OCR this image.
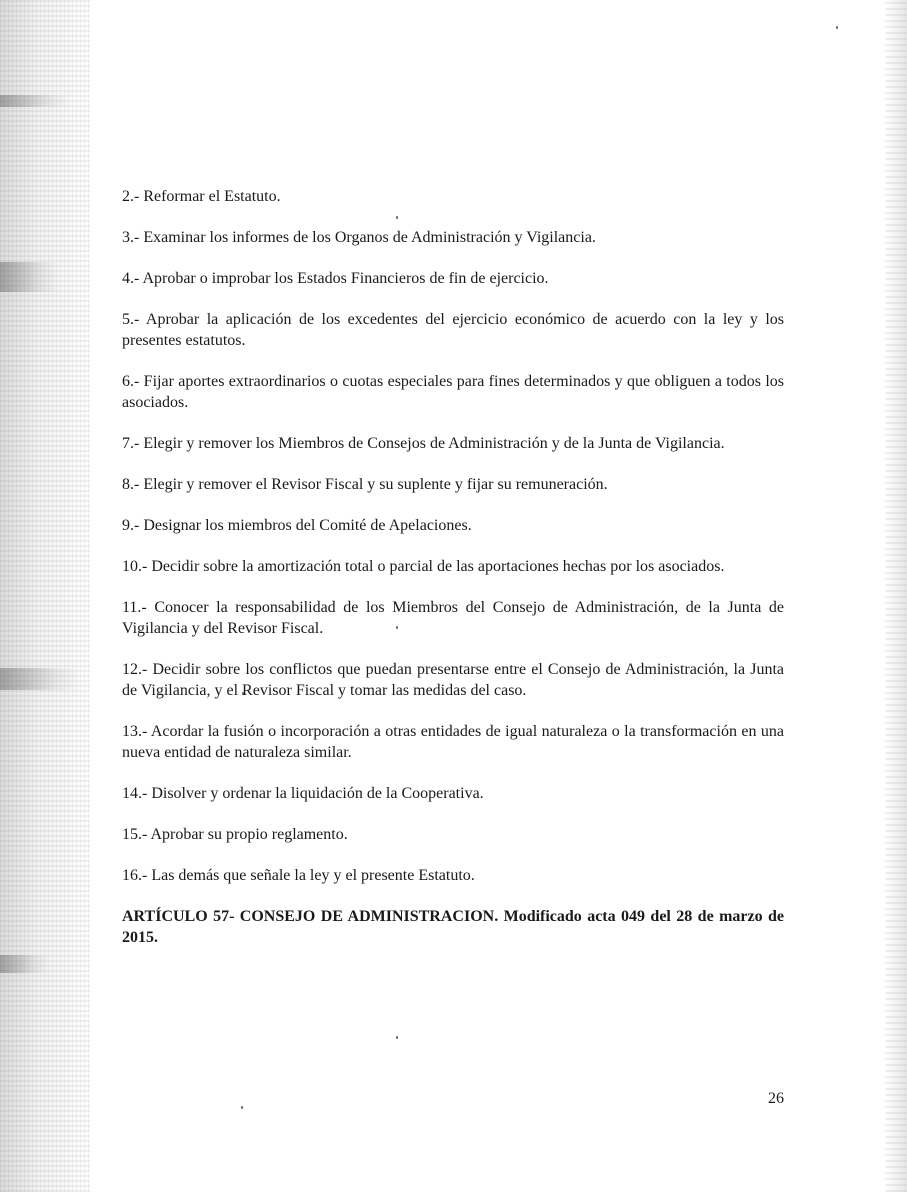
2.- Reformar el Estatuto.

3.- Examinar los informes de los Organos de Administración y Vigilancia.

4.- Aprobar o improbar los Estados Financieros de fin de ejercicio.

5.- Aprobar la aplicación de los excedentes del ejercicio económico de acuerdo con la ley y los presentes estatutos.

6.- Fijar aportes extraordinarios o cuotas especiales para fines determinados y que obliguen a todos los asociados.

7.- Elegir y remover los Miembros de Consejos de Administración y de la Junta de Vigilancia.

8.- Elegir y remover el Revisor Fiscal y su suplente y fijar su remuneración.

9.- Designar los miembros del Comité de Apelaciones.

10.- Decidir sobre la amortización total o parcial de las aportaciones hechas por los asociados.

11.- Conocer la responsabilidad de los Miembros del Consejo de Administración, de la Junta de Vigilancia y del Revisor Fiscal.

12.- Decidir sobre los conflictos que puedan presentarse entre el Consejo de Administración, la Junta de Vigilancia, y el Revisor Fiscal y tomar las medidas del caso.

13.- Acordar la fusión o incorporación a otras entidades de igual naturaleza o la transformación en una nueva entidad de naturaleza similar.

14.- Disolver y ordenar la liquidación de la Cooperativa.

15.- Aprobar su propio reglamento.

16.- Las demás que señale la ley y el presente Estatuto.

ARTÍCULO 57- CONSEJO DE ADMINISTRACION. Modificado acta 049 del 28 de marzo de 2015.

26
